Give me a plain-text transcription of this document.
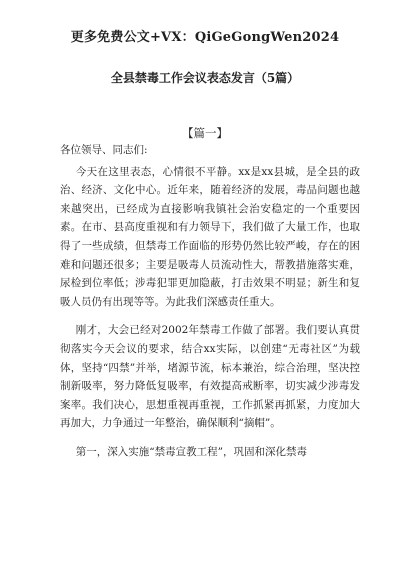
更多免费公文+VX：QiGeGongWen2024
全县禁毒工作会议表态发言（5篇）
【篇一】

各位领导、同志们:

今天在这里表态，心情很不平静。xx是xx县城，是全县的政治、经济、文化中心。近年来，随着经济的发展，毒品问题也越来越突出，已经成为直接影响我镇社会治安稳定的一个重要因素。在市、县高度重视和有力领导下，我们做了大量工作，也取得了一些成绩，但禁毒工作面临的形势仍然比较严峻，存在的困难和问题还很多；主要是吸毒人员流动性大，帮教措施落实难，尿检到位率低；涉毒犯罪更加隐蔽，打击效果不明显；新生和复吸人员仍有出现等等。为此我们深感责任重大。

刚才，大会已经对2002年禁毒工作做了部署。我们要认真贯彻落实今天会议的要求，结合xx实际，以创建“无毒社区”为载体，坚持“四禁”并举，堵源节流，标本兼治，综合治理，坚决控制新吸率，努力降低复吸率，有效提高戒断率，切实减少涉毒发案率。我们决心，思想重视再重视，工作抓紧再抓紧，力度加大再加大，力争通过一年整治，确保顺利“摘帽”。

第一，深入实施“禁毒宣教工程”，巩固和深化禁毒
